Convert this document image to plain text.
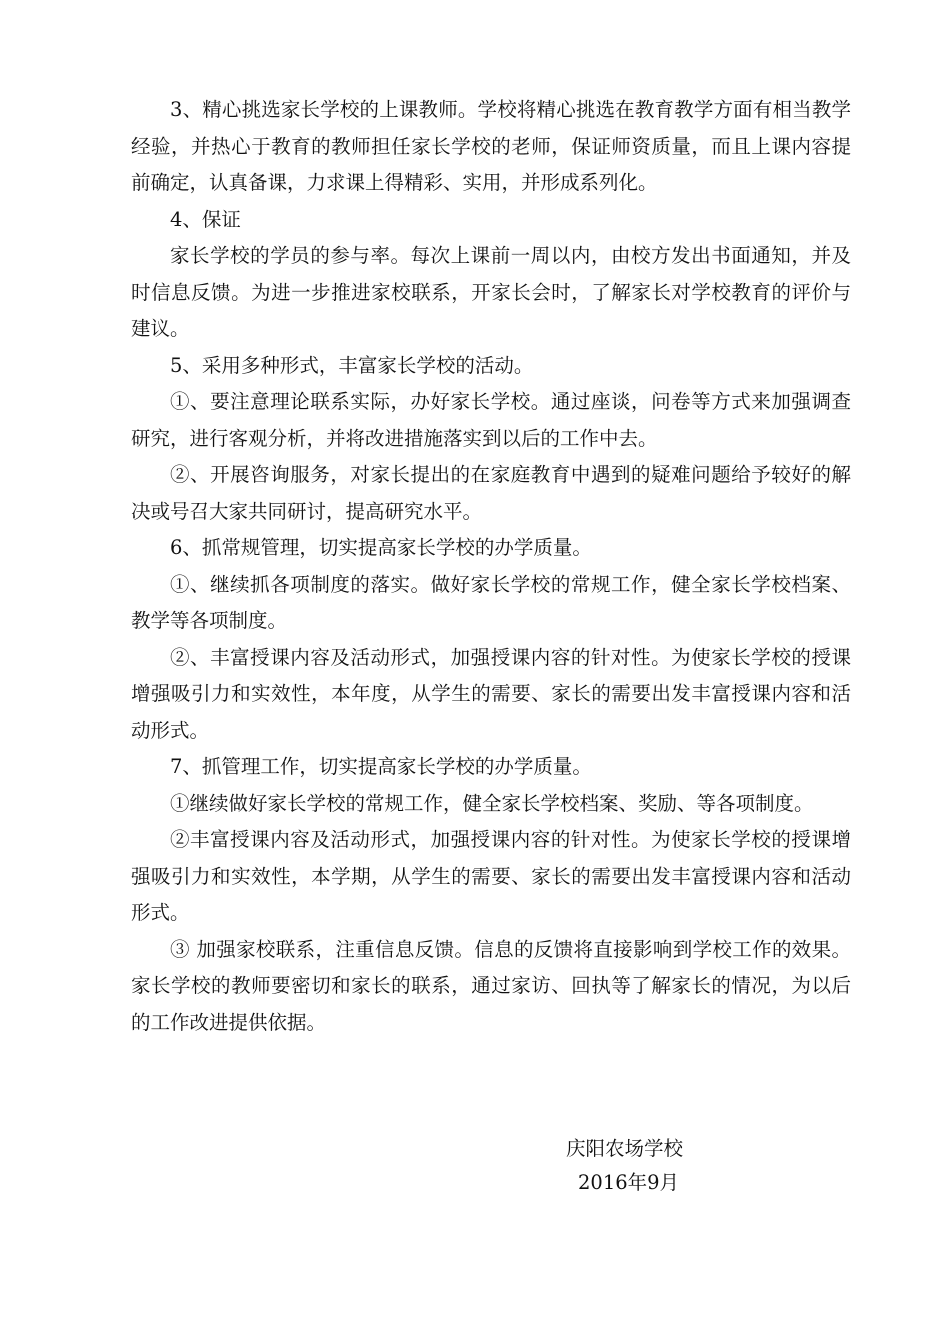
3、精心挑选家长学校的上课教师。学校将精心挑选在教育教学方面有相当教学经验，并热心于教育的教师担任家长学校的老师，保证师资质量，而且上课内容提前确定，认真备课，力求课上得精彩、实用，并形成系列化。

4、保证

家长学校的学员的参与率。每次上课前一周以内，由校方发出书面通知，并及时信息反馈。为进一步推进家校联系，开家长会时，了解家长对学校教育的评价与建议。

5、采用多种形式，丰富家长学校的活动。

①、要注意理论联系实际，办好家长学校。通过座谈，问卷等方式来加强调查研究，进行客观分析，并将改进措施落实到以后的工作中去。

②、开展咨询服务，对家长提出的在家庭教育中遇到的疑难问题给予较好的解决或号召大家共同研讨，提高研究水平。

6、抓常规管理，切实提高家长学校的办学质量。

①、继续抓各项制度的落实。做好家长学校的常规工作，健全家长学校档案、教学等各项制度。

②、丰富授课内容及活动形式，加强授课内容的针对性。为使家长学校的授课增强吸引力和实效性，本年度，从学生的需要、家长的需要出发丰富授课内容和活动形式。

7、抓管理工作，切实提高家长学校的办学质量。

①继续做好家长学校的常规工作，健全家长学校档案、奖励、等各项制度。

②丰富授课内容及活动形式，加强授课内容的针对性。为使家长学校的授课增强吸引力和实效性，本学期，从学生的需要、家长的需要出发丰富授课内容和活动形式。

③ 加强家校联系，注重信息反馈。信息的反馈将直接影响到学校工作的效果。家长学校的教师要密切和家长的联系，通过家访、回执等了解家长的情况，为以后的工作改进提供依据。

庆阳农场学校
2016年9月
